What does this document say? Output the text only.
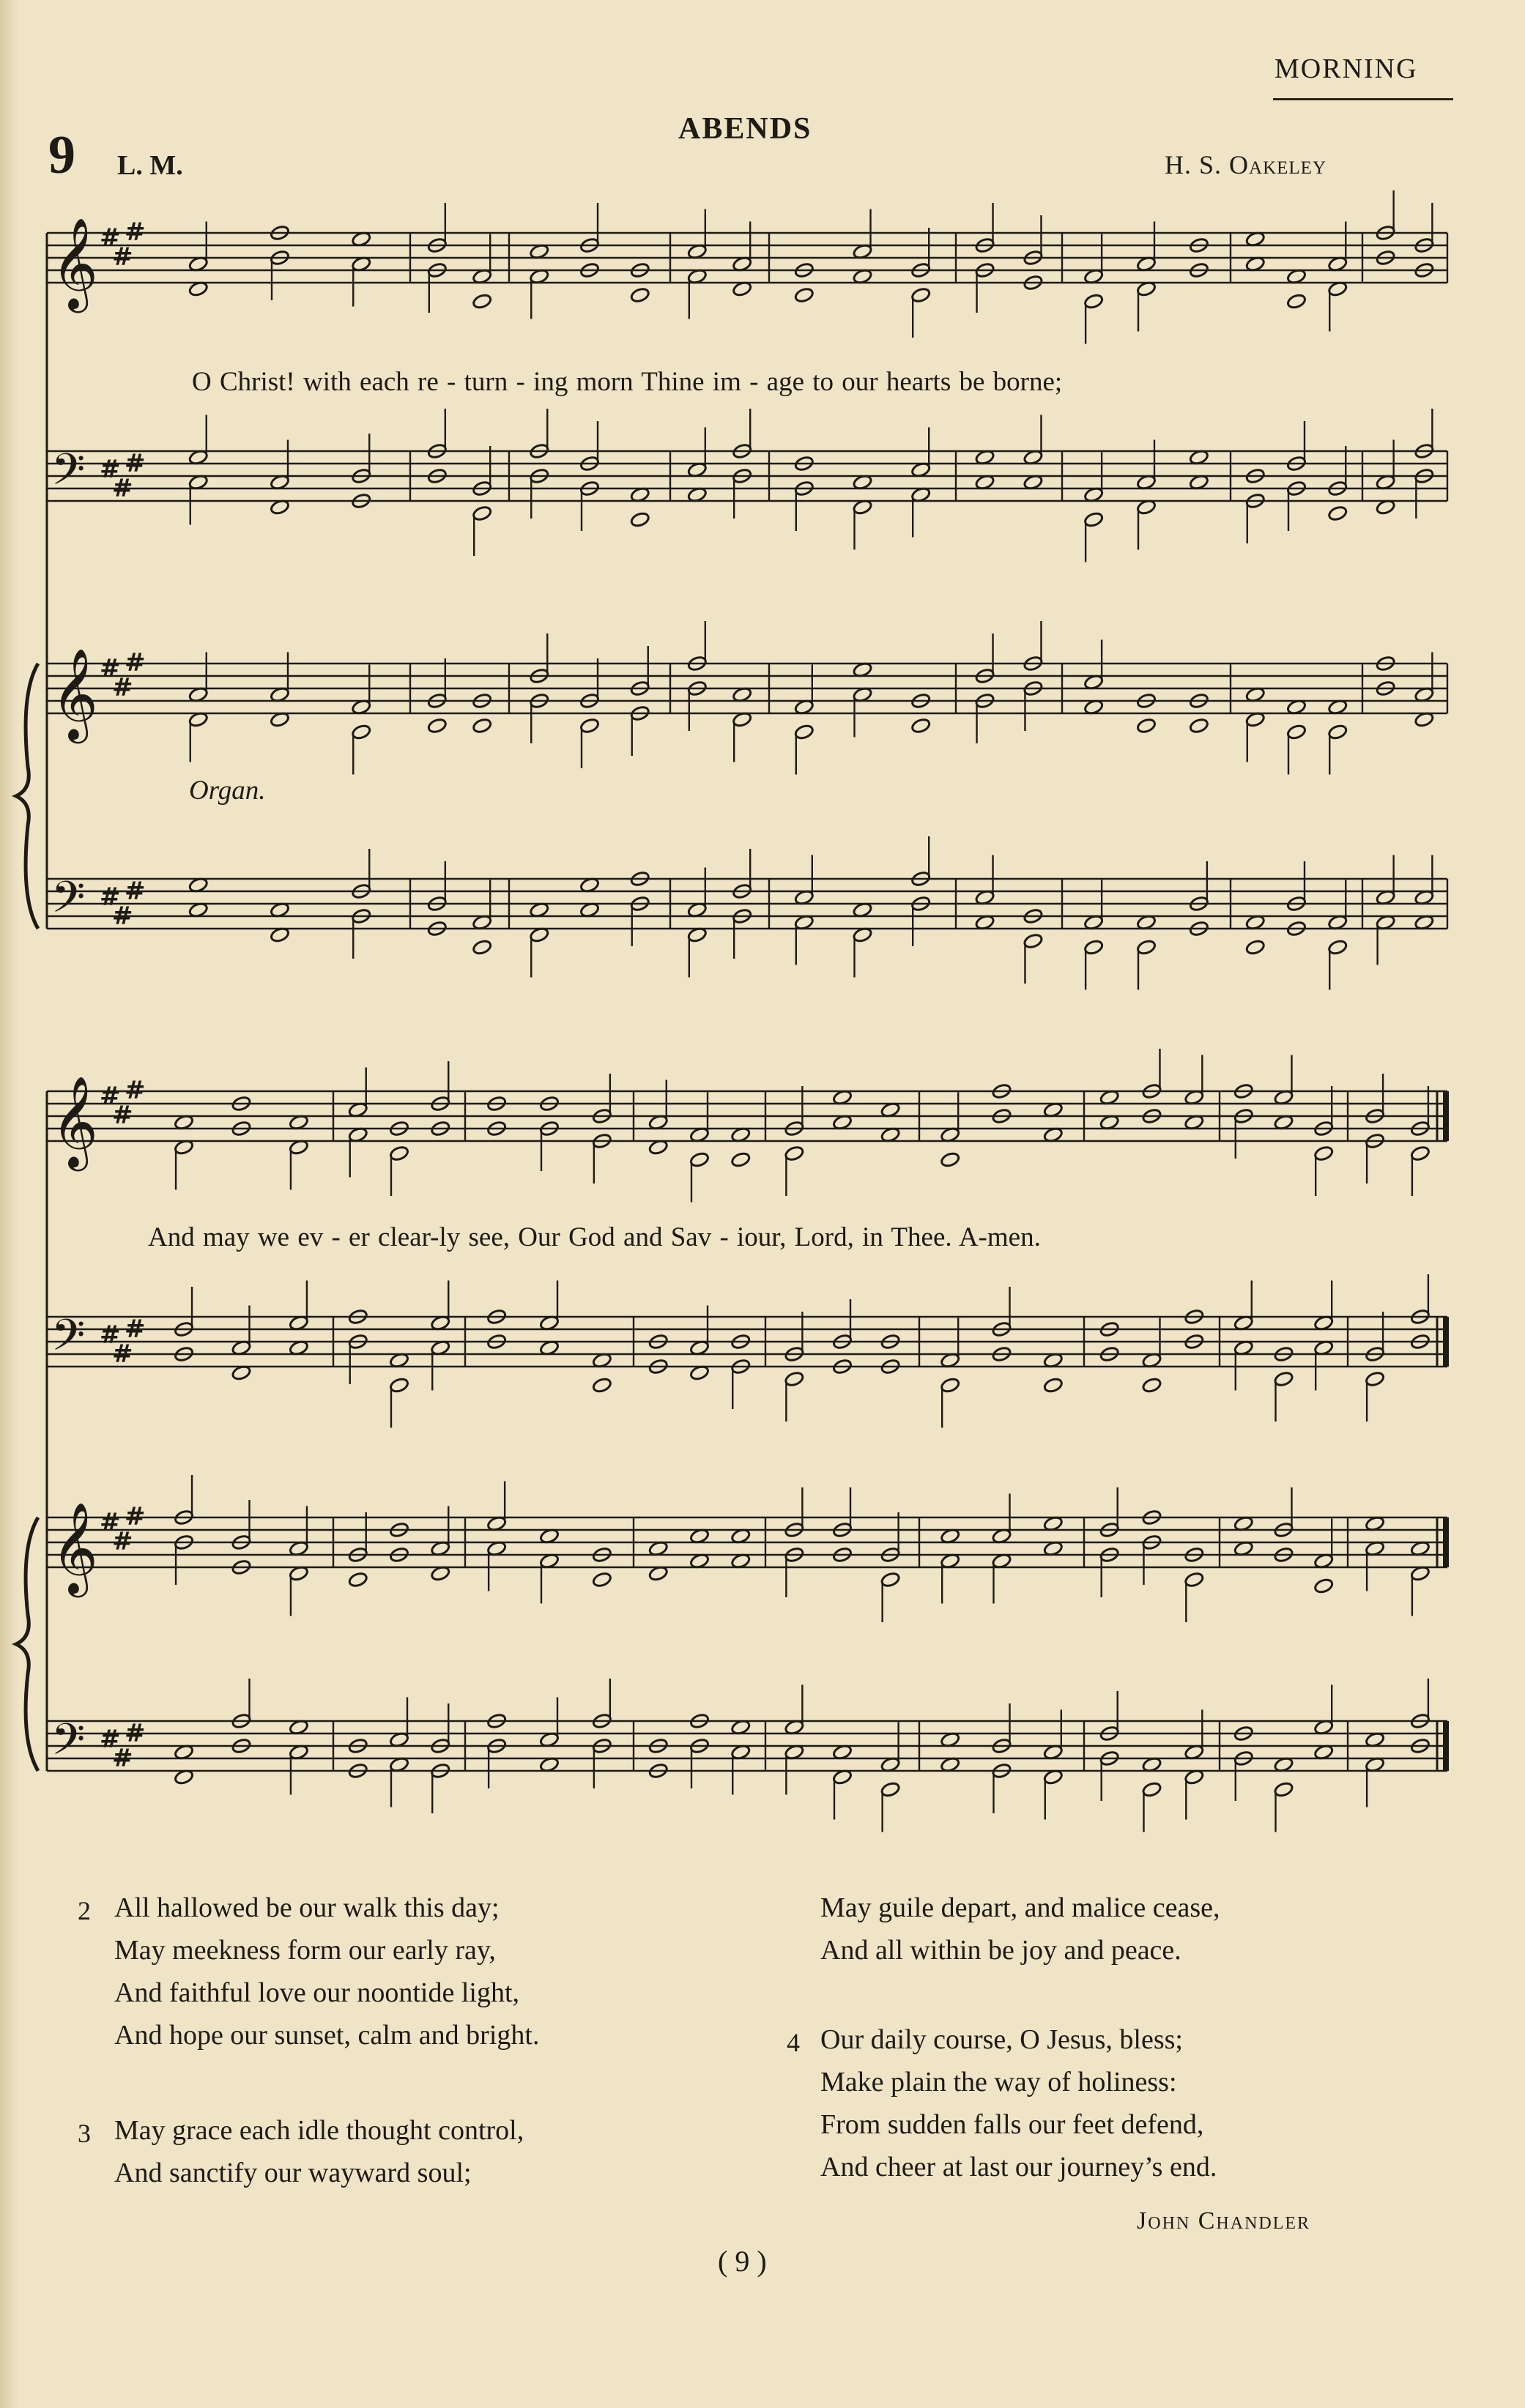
MORNING
ABENDS
9 L. M.	H. S. Oakeley
𝄞 #
#
#
𝄢 #
#
#
𝄞 #
#
#
𝄢 #
#
#
𝄞 #
#
#
𝄢 #
#
#
𝄞 #
#
#
𝄢 #
#
#
O Christ! with each re - turn - ing morn Thine im - age to our hearts be borne;
Organ.
And may we ev - er clear-ly see, Our God and Sav - iour, Lord, in Thee. A-men.
2 All hallowed be our walk this day;
May meekness form our early ray,
And faithful love our noontide light,
And hope our sunset, calm and bright.
3 May grace each idle thought control,
And sanctify our wayward soul;
May guile depart, and malice cease,
And all within be joy and peace.
4 Our daily course, O Jesus, bless;
Make plain the way of holiness:
From sudden falls our feet defend,
And cheer at last our journey’s end.
John Chandler
( 9 )
